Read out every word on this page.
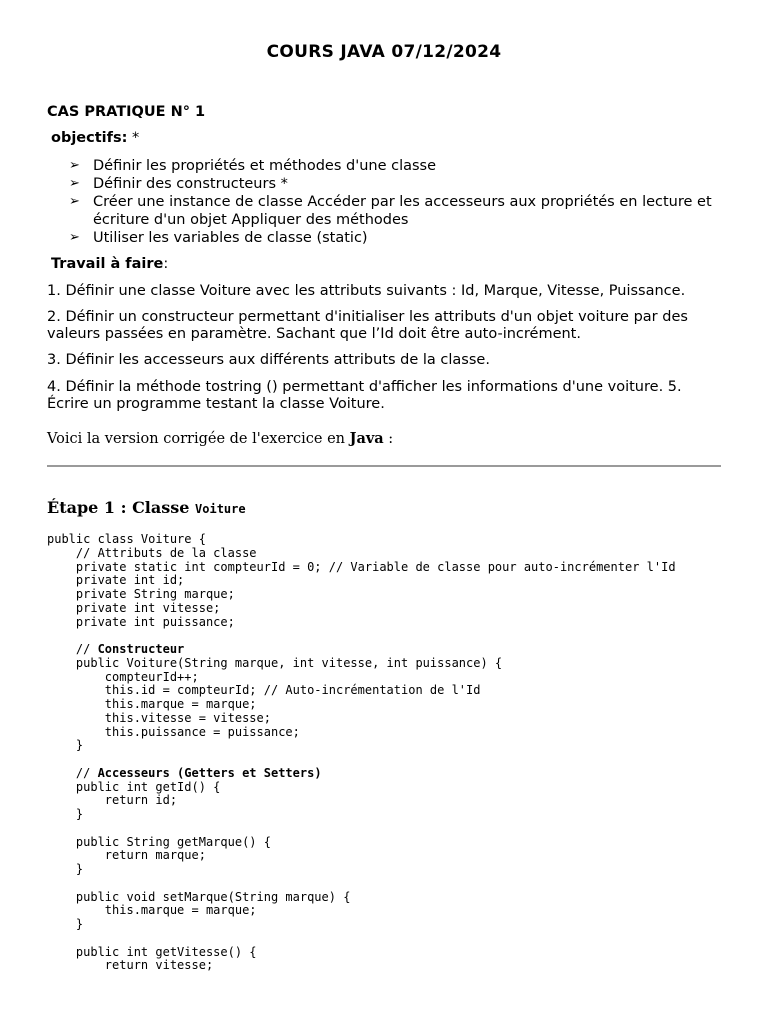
COURS JAVA 07/12/2024
CAS PRATIQUE N° 1
objectifs: *
➢ Définir les propriétés et méthodes d'une classe
➢ Définir des constructeurs *
➢ Créer une instance de classe Accéder par les accesseurs aux propriétés en lecture et écriture d'un objet Appliquer des méthodes
➢ Utiliser les variables de classe (static)
Travail à faire:

1. Définir une classe Voiture avec les attributs suivants : Id, Marque, Vitesse, Puissance.

2. Définir un constructeur permettant d'initialiser les attributs d'un objet voiture par des valeurs passées en paramètre. Sachant que l’Id doit être auto-incrément.

3. Définir les accesseurs aux différents attributs de la classe.

4. Définir la méthode tostring () permettant d'afficher les informations d'une voiture. 5. Écrire un programme testant la classe Voiture.

Voici la version corrigée de l'exercice en Java :
Étape 1 : Classe Voiture
public class Voiture {
// Attributs de la classe
private static int compteurId = 0; // Variable de classe pour auto-incrémenter l'Id
private int id;
private String marque;
private int vitesse;
private int puissance;
// Constructeur
public Voiture(String marque, int vitesse, int puissance) {
compteurId++;
this.id = compteurId; // Auto-incrémentation de l'Id
this.marque = marque;
this.vitesse = vitesse;
this.puissance = puissance;
}
// Accesseurs (Getters et Setters)
public int getId() {
return id;
}
public String getMarque() {
return marque;
}
public void setMarque(String marque) {
this.marque = marque;
}
public int getVitesse() {
return vitesse;
